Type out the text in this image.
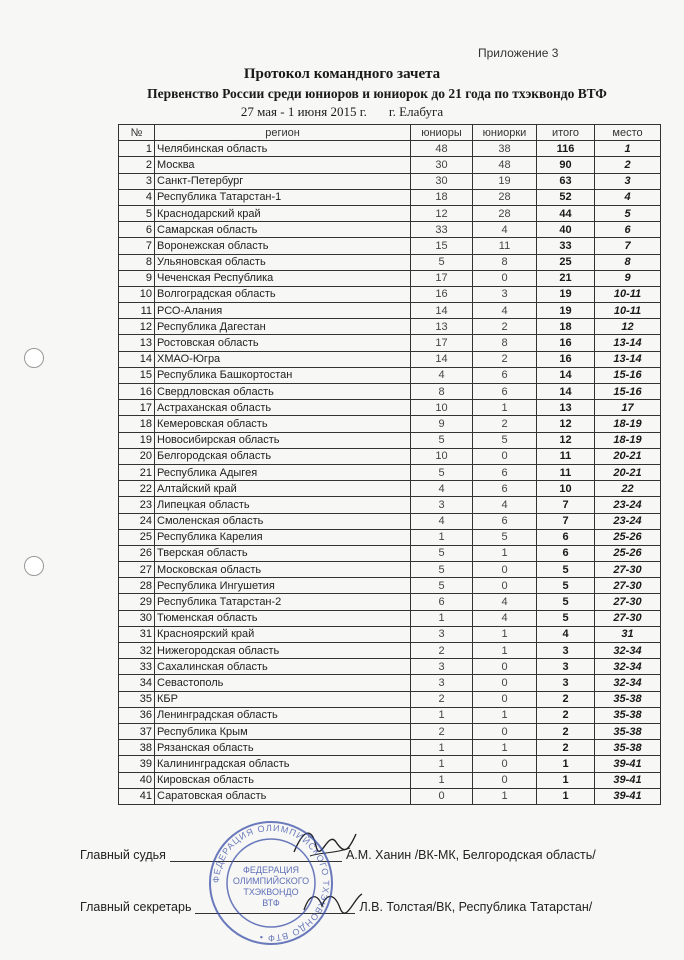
Приложение 3
Протокол командного зачета
Первенство России среди юниоров и юниорок до 21 года по тхэквондо ВТФ
27 мая - 1 июня 2015 г. г. Елабуга
№	регион	юниоры	юниорки	итого	место
1	Челябинская область	48	38	116	1
2	Москва	30	48	90	2
3	Санкт-Петербург	30	19	63	3
4	Республика Татарстан-1	18	28	52	4
5	Краснодарский край	12	28	44	5
6	Самарская область	33	4	40	6
7	Воронежская область	15	11	33	7
8	Ульяновская область	5	8	25	8
9	Чеченская Республика	17	0	21	9
10	Волгоградская область	16	3	19	10-11
11	РСО-Алания	14	4	19	10-11
12	Республика Дагестан	13	2	18	12
13	Ростовская область	17	8	16	13-14
14	ХМАО-Югра	14	2	16	13-14
15	Республика Башкортостан	4	6	14	15-16
16	Свердловская область	8	6	14	15-16
17	Астраханская область	10	1	13	17
18	Кемеровская область	9	2	12	18-19
19	Новосибирская область	5	5	12	18-19
20	Белгородская область	10	0	11	20-21
21	Республика Адыгея	5	6	11	20-21
22	Алтайский край	4	6	10	22
23	Липецкая область	3	4	7	23-24
24	Смоленская область	4	6	7	23-24
25	Республика Карелия	1	5	6	25-26
26	Тверская область	5	1	6	25-26
27	Московская область	5	0	5	27-30
28	Республика Ингушетия	5	0	5	27-30
29	Республика Татарстан-2	6	4	5	27-30
30	Тюменская область	1	4	5	27-30
31	Красноярский край	3	1	4	31
32	Нижегородская область	2	1	3	32-34
33	Сахалинская область	3	0	3	32-34
34	Севастополь	3	0	3	32-34
35	КБР	2	0	2	35-38
36	Ленинградская область	1	1	2	35-38
37	Республика Крым	2	0	2	35-38
38	Рязанская область	1	1	2	35-38
39	Калининградская область	1	0	1	39-41
40	Кировская область	1	0	1	39-41
41	Саратовская область	0	1	1	39-41
Главный судья	А.М. Ханин /ВК-МК, Белгородская область/
Главный секретарь	Л.В. Толстая/ВК, Республика Татарстан/
ФЕДЕРАЦИЯ ОЛИМПИЙСКОГО ТХЭКВОНДО ВТФ •
ФЕДЕРАЦИЯ ОЛИМПИЙСКОГО ТХЭКВОНДО ВТФ
